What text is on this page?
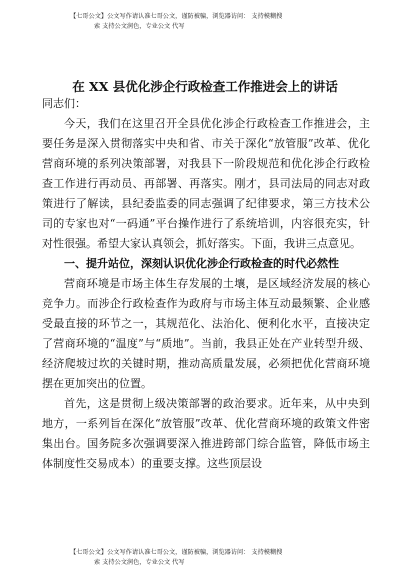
【七哥公文】公文写作请认准七哥公文，谨防被骗，浏览器访问： 支持模糊搜
索 支持公文润色，专业公文 代写
在 XX 县优化涉企行政检查工作推进会上的讲话

同志们：

今天，我们在这里召开全县优化涉企行政检查工作推进会，主要任务是深入贯彻落实中央和省、市关于深化“放管服”改革、优化营商环境的系列决策部署，对我县下一阶段规范和优化涉企行政检查工作进行再动员、再部署、再落实。刚才，县司法局的同志对政策进行了解读，县纪委监委的同志强调了纪律要求，第三方技术公司的专家也对“一码通”平台操作进行了系统培训，内容很充实，针对性很强。希望大家认真领会，抓好落实。下面，我讲三点意见。

一、提升站位，深刻认识优化涉企行政检查的时代必然性

营商环境是市场主体生存发展的土壤，是区域经济发展的核心竞争力。而涉企行政检查作为政府与市场主体互动最频繁、企业感受最直接的环节之一，其规范化、法治化、便利化水平，直接决定了营商环境的“温度”与“质地”。当前，我县正处在产业转型升级、经济爬坡过坎的关键时期，推动高质量发展，必须把优化营商环境摆在更加突出的位置。

首先，这是贯彻上级决策部署的政治要求。近年来，从中央到地方，一系列旨在深化“放管服”改革、优化营商环境的政策文件密集出台。国务院多次强调要深入推进跨部门综合监管，降低市场主体制度性交易成本）的重要支撑。这些顶层设

【七哥公文】公文写作请认准七哥公文，谨防被骗，浏览器访问： 支持模糊搜
索 支持公文润色，专业公文 代写
